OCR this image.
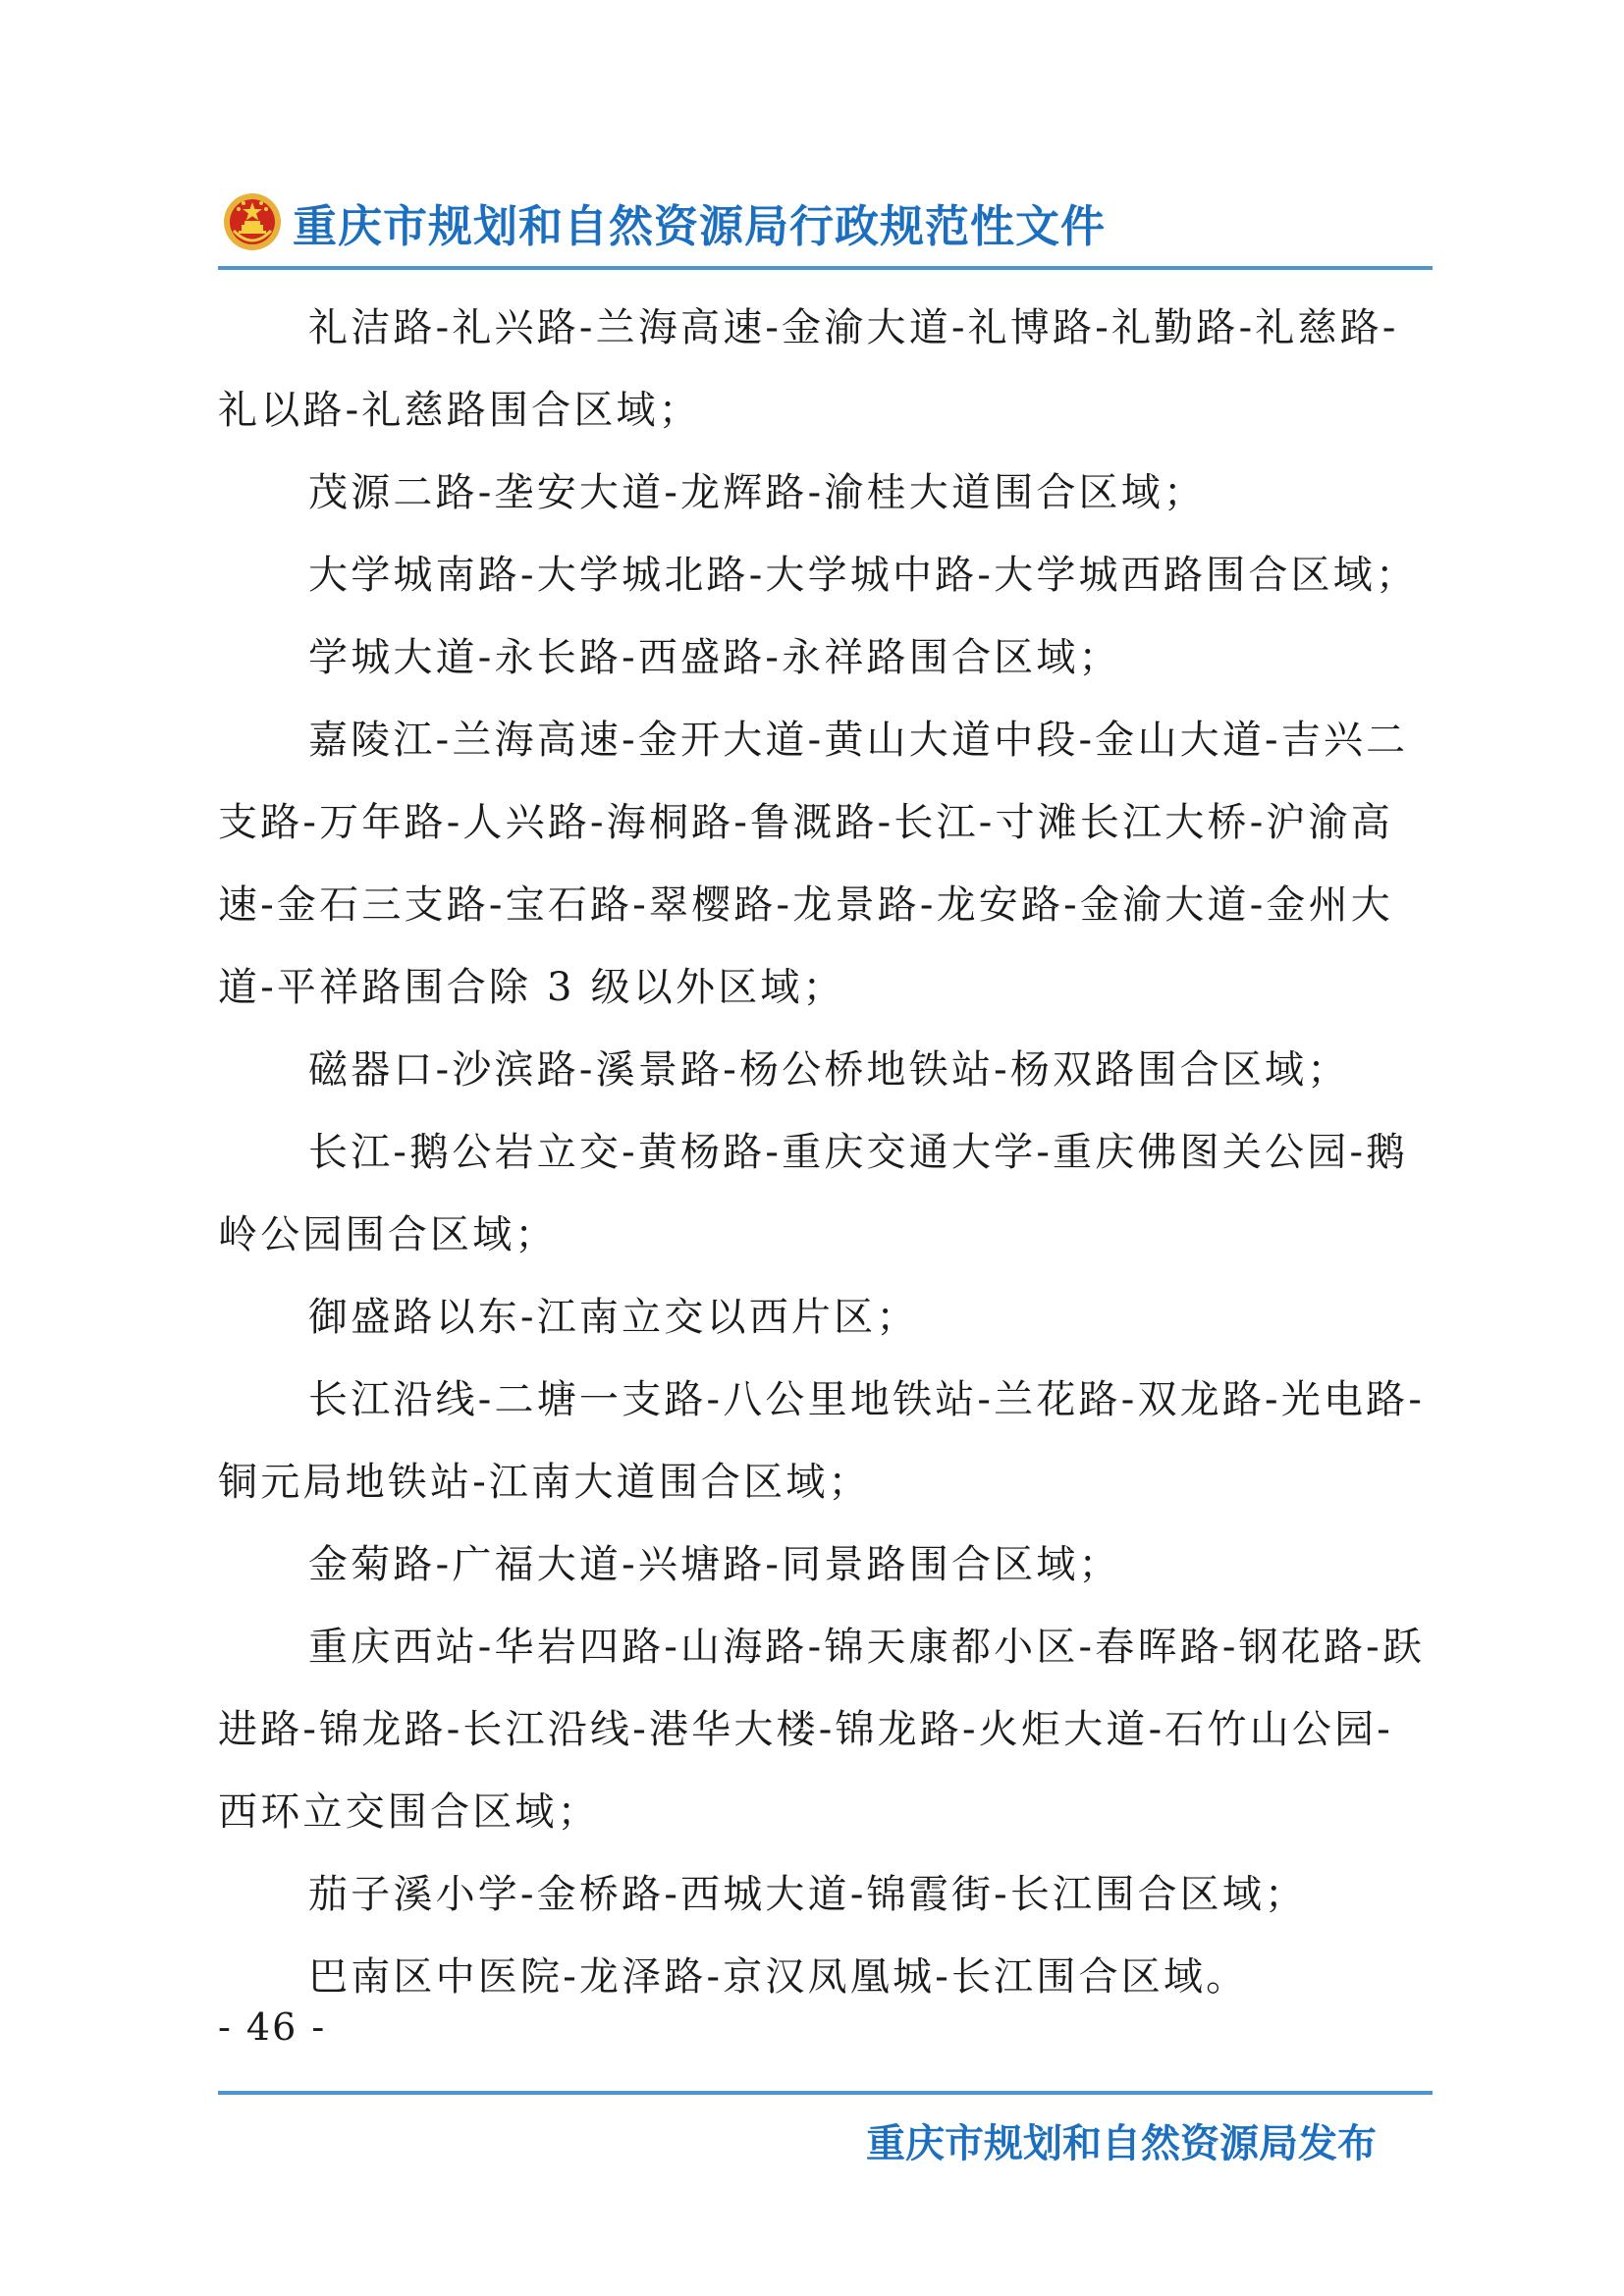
重庆市规划和自然资源局行政规范性文件

礼洁路-礼兴路-兰海高速-金渝大道-礼博路-礼勤路-礼慈路-礼以路-礼慈路围合区域；

茂源二路-垄安大道-龙辉路-渝桂大道围合区域；

大学城南路-大学城北路-大学城中路-大学城西路围合区域；

学城大道-永长路-西盛路-永祥路围合区域；

嘉陵江-兰海高速-金开大道-黄山大道中段-金山大道-吉兴二支路-万年路-人兴路-海桐路-鲁溉路-长江-寸滩长江大桥-沪渝高速-金石三支路-宝石路-翠樱路-龙景路-龙安路-金渝大道-金州大道-平祥路围合除 3 级以外区域；

磁器口-沙滨路-溪景路-杨公桥地铁站-杨双路围合区域；

长江-鹅公岩立交-黄杨路-重庆交通大学-重庆佛图关公园-鹅岭公园围合区域；

御盛路以东-江南立交以西片区；

长江沿线-二塘一支路-八公里地铁站-兰花路-双龙路-光电路-铜元局地铁站-江南大道围合区域；

金菊路-广福大道-兴塘路-同景路围合区域；

重庆西站-华岩四路-山海路-锦天康都小区-春晖路-钢花路-跃进路-锦龙路-长江沿线-港华大楼-锦龙路-火炬大道-石竹山公园-西环立交围合区域；

茄子溪小学-金桥路-西城大道-锦霞街-长江围合区域；

巴南区中医院-龙泽路-京汉凤凰城-长江围合区域。

- 46 -
重庆市规划和自然资源局发布
